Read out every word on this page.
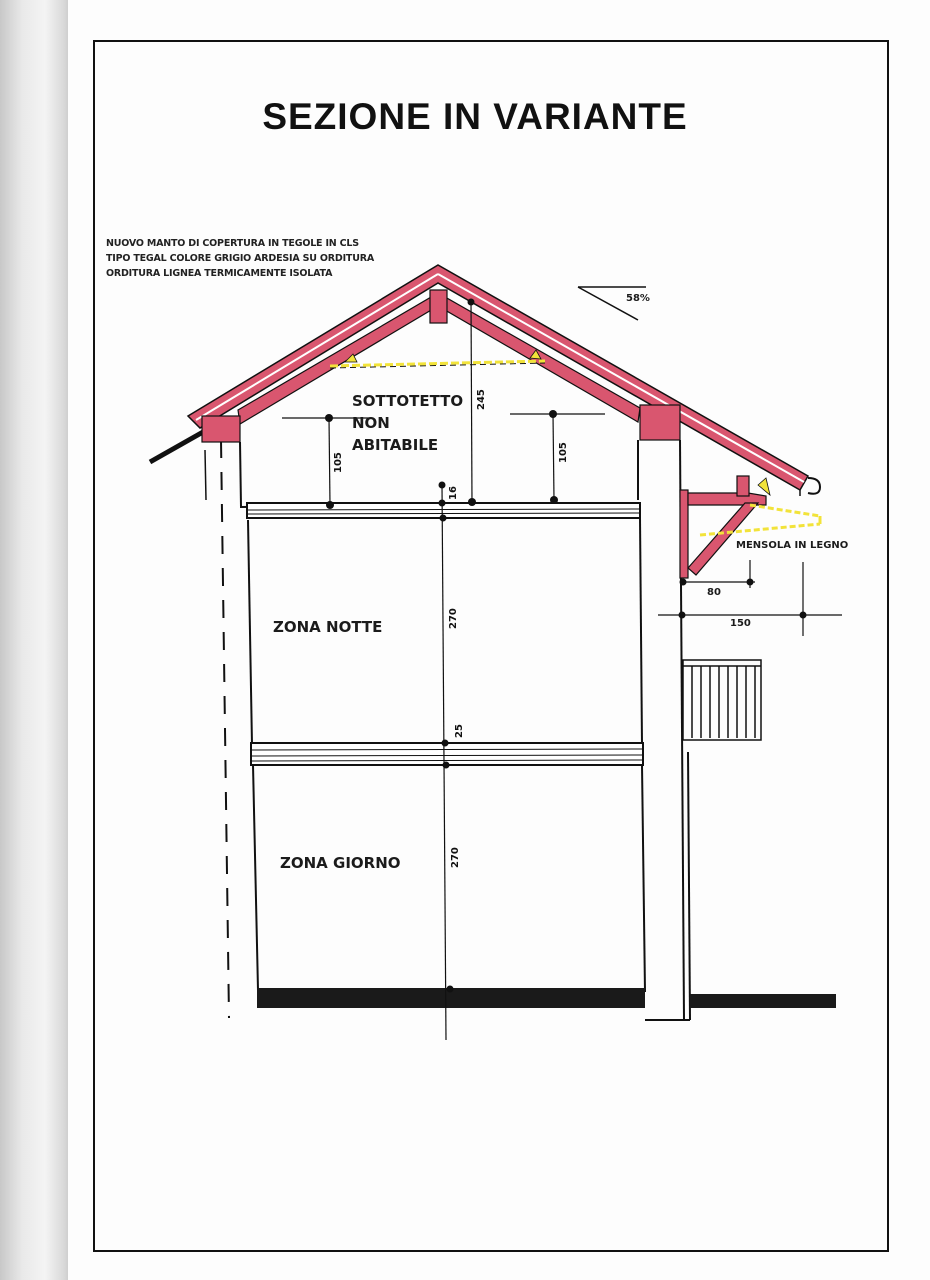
SEZIONE IN VARIANTE
NUOVO MANTO DI COPERTURA IN TEGOLE IN CLS
TIPO TEGAL COLORE GRIGIO ARDESIA SU ORDITURA
ORDITURA LIGNEA TERMICAMENTE ISOLATA
58%
SOTTOTETTO
NON
ABITABILE
ZONA NOTTE
ZONA GIORNO
MENSOLA IN LEGNO
245
105	105
16
270
25
270
80
150
